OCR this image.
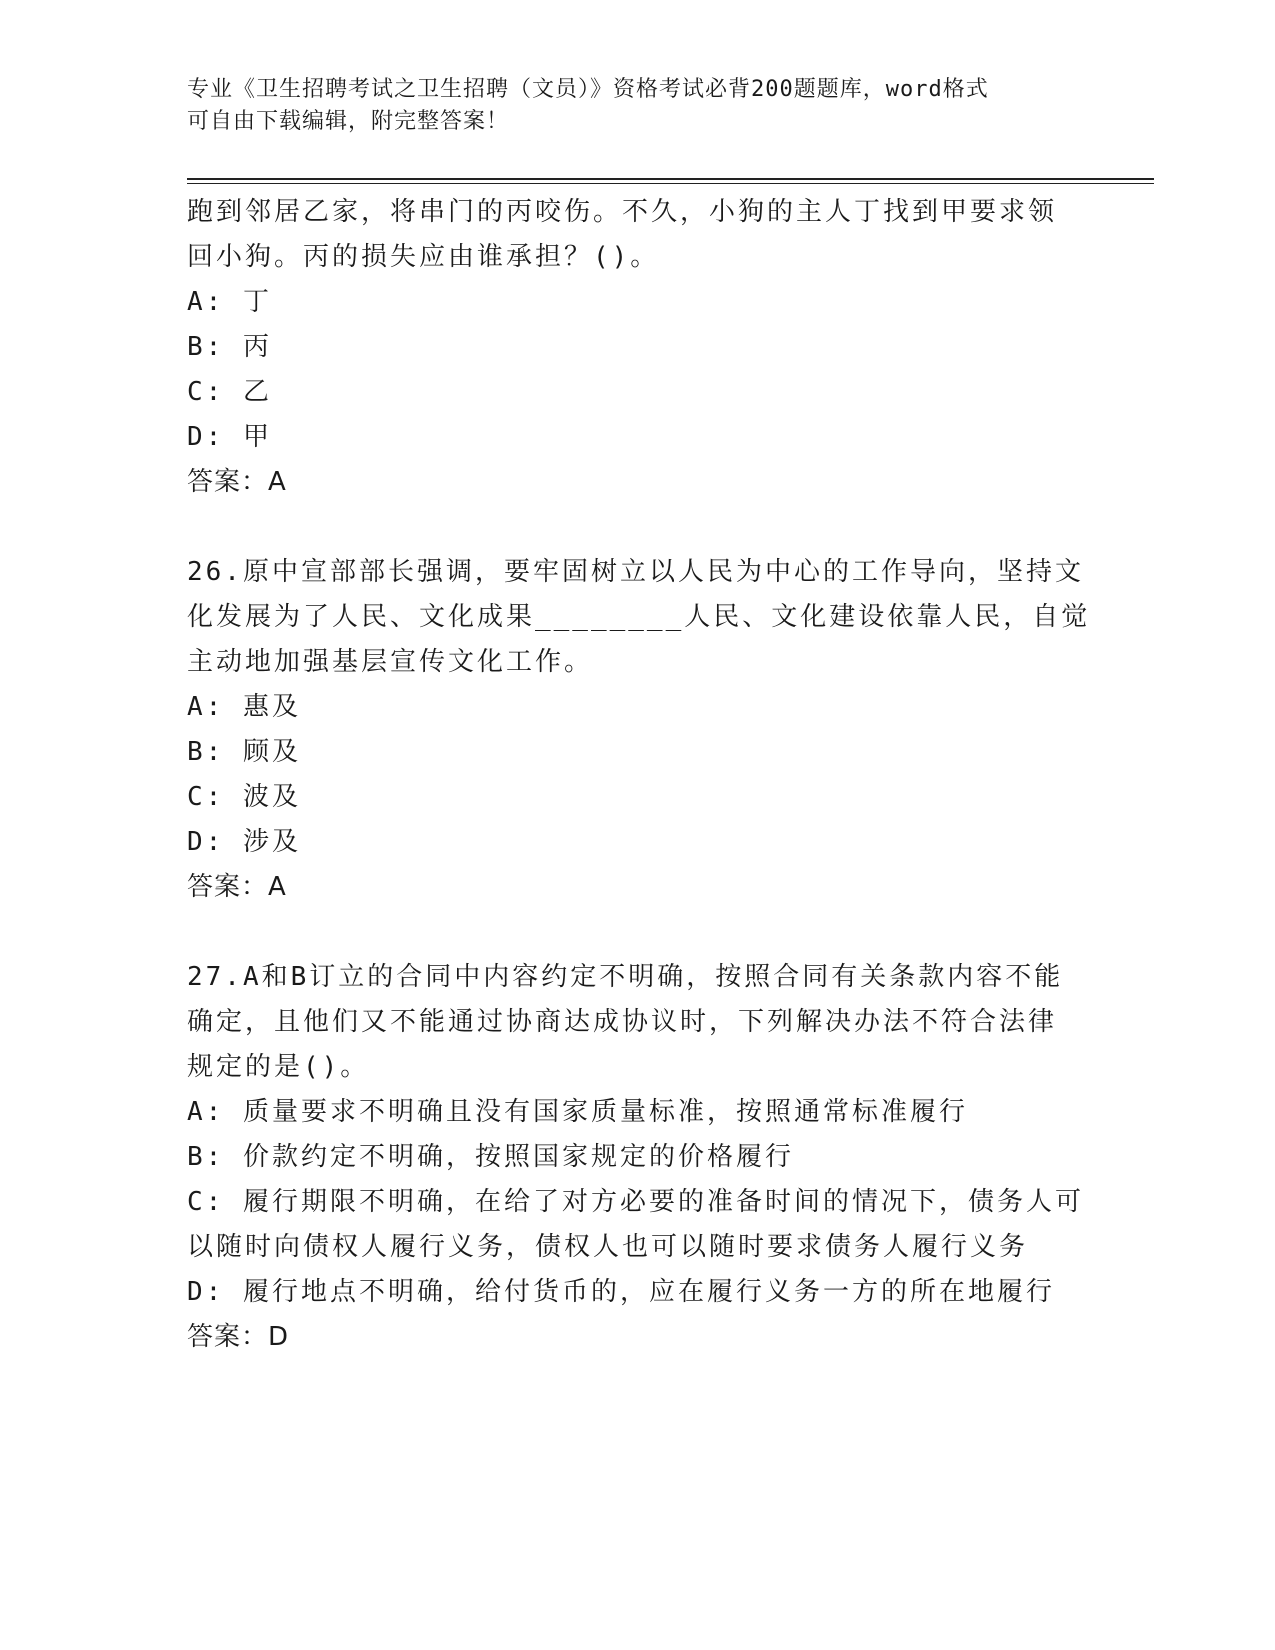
专业《卫生招聘考试之卫生招聘（文员）》资格考试必背200题题库，word格式
可自由下载编辑，附完整答案！
跑到邻居乙家，将串门的丙咬伤。不久，小狗的主人丁找到甲要求领
回小狗。丙的损失应由谁承担？()。
A: 丁
B: 丙
C: 乙
D: 甲
答案：A
26.原中宣部部长强调，要牢固树立以人民为中心的工作导向，坚持文
化发展为了人民、文化成果________人民、文化建设依靠人民，自觉
主动地加强基层宣传文化工作。
A: 惠及
B: 顾及
C: 波及
D: 涉及
答案：A
27.A和B订立的合同中内容约定不明确，按照合同有关条款内容不能
确定，且他们又不能通过协商达成协议时，下列解决办法不符合法律
规定的是()。
A: 质量要求不明确且没有国家质量标准，按照通常标准履行
B: 价款约定不明确，按照国家规定的价格履行
C: 履行期限不明确，在给了对方必要的准备时间的情况下，债务人可
以随时向债权人履行义务，债权人也可以随时要求债务人履行义务
D: 履行地点不明确，给付货币的，应在履行义务一方的所在地履行
答案：D
